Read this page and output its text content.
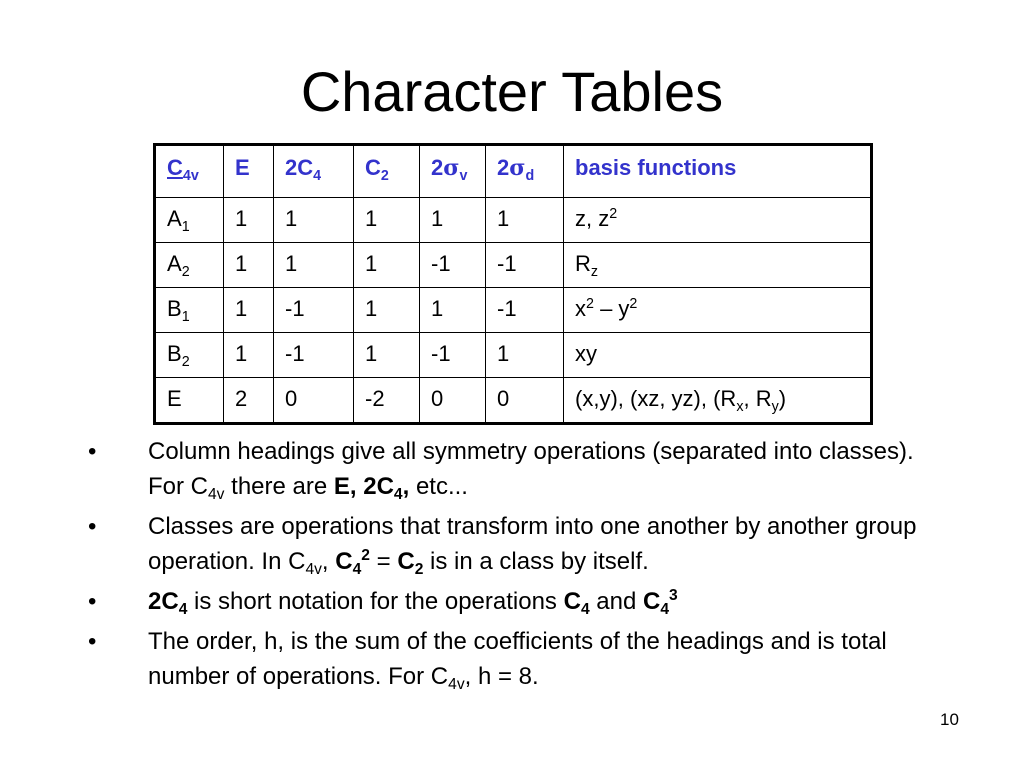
Character Tables
$C_{4v}$	E	$2C_4$	$C_2$	$2\sigma_v$	$2\sigma_d$	basis functions
$A_1$	1	1	1	1	1	z, $z^2$
$A_2$	1	1	1	-1	-1	$R_z$
$B_1$	1	-1	1	1	-1	$x^2 - y^2$
$B_2$	1	-1	1	-1	1	xy
E	2	0	-2	0	0	(x,y), (xz, yz), ($R_x$, $R_y$)
• Column headings give all symmetry operations (separated into classes). For $C_{4v}$ there are E, $2C_4$, etc...
• Classes are operations that transform into one another by another group operation. In $C_{4v}$, $C_4^2 = C_2$ is in a class by itself.
• $2C_4$ is short notation for the operations $C_4$ and $C_4^3$
• The order, h, is the sum of the coefficients of the headings and is total number of operations. For $C_{4v}$, h = 8.
10
